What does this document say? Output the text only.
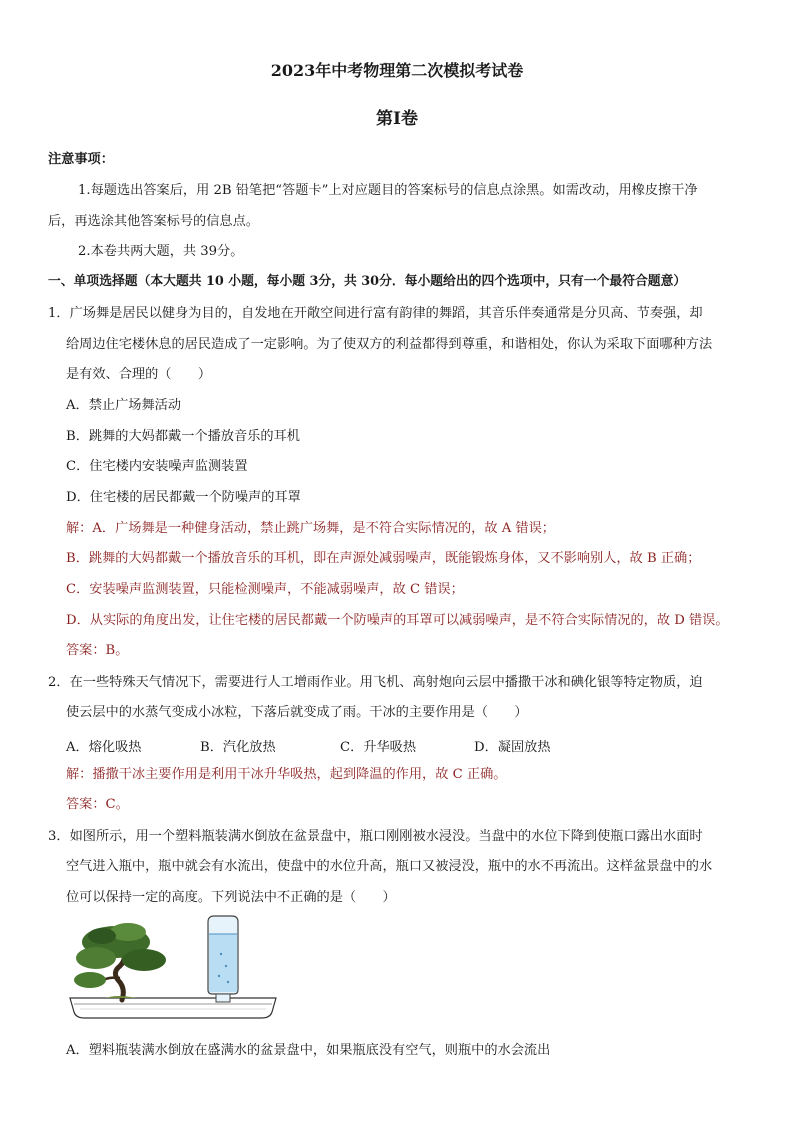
2023年中考物理第二次模拟考试卷
第Ⅰ卷
注意事项：
1.每题选出答案后，用 2B 铅笔把“答题卡”上对应题目的答案标号的信息点涂黑。如需改动，用橡皮擦干净
后，再选涂其他答案标号的信息点。
2.本卷共两大题，共 39分。
一、单项选择题（本大题共 10 小题，每小题 3分，共 30分．每小题给出的四个选项中，只有一个最符合题意）
1．广场舞是居民以健身为目的，自发地在开敞空间进行富有韵律的舞蹈，其音乐伴奏通常是分贝高、节奏强，却
给周边住宅楼休息的居民造成了一定影响。为了使双方的利益都得到尊重，和谐相处，你认为采取下面哪种方法
是有效、合理的（　　）
A．禁止广场舞活动
B．跳舞的大妈都戴一个播放音乐的耳机
C．住宅楼内安装噪声监测装置
D．住宅楼的居民都戴一个防噪声的耳罩
解：A．广场舞是一种健身活动，禁止跳广场舞，是不符合实际情况的，故 A 错误；
B．跳舞的大妈都戴一个播放音乐的耳机，即在声源处减弱噪声，既能锻炼身体，又不影响别人，故 B 正确；
C．安装噪声监测装置，只能检测噪声，不能减弱噪声，故 C 错误；
D．从实际的角度出发，让住宅楼的居民都戴一个防噪声的耳罩可以减弱噪声，是不符合实际情况的，故 D 错误。
答案：B。
2．在一些特殊天气情况下，需要进行人工增雨作业。用飞机、高射炮向云层中播撒干冰和碘化银等特定物质，迫
使云层中的水蒸气变成小冰粒，下落后就变成了雨。干冰的主要作用是（　　）
A．熔化吸热	B．汽化放热	C．升华吸热	D．凝固放热
解：播撒干冰主要作用是利用干冰升华吸热，起到降温的作用，故 C 正确。
答案：C。
3．如图所示，用一个塑料瓶装满水倒放在盆景盘中，瓶口刚刚被水浸没。当盘中的水位下降到使瓶口露出水面时
空气进入瓶中，瓶中就会有水流出，使盘中的水位升高，瓶口又被浸没，瓶中的水不再流出。这样盆景盘中的水
位可以保持一定的高度。下列说法中不正确的是（　　）
A．塑料瓶装满水倒放在盛满水的盆景盘中，如果瓶底没有空气，则瓶中的水会流出
